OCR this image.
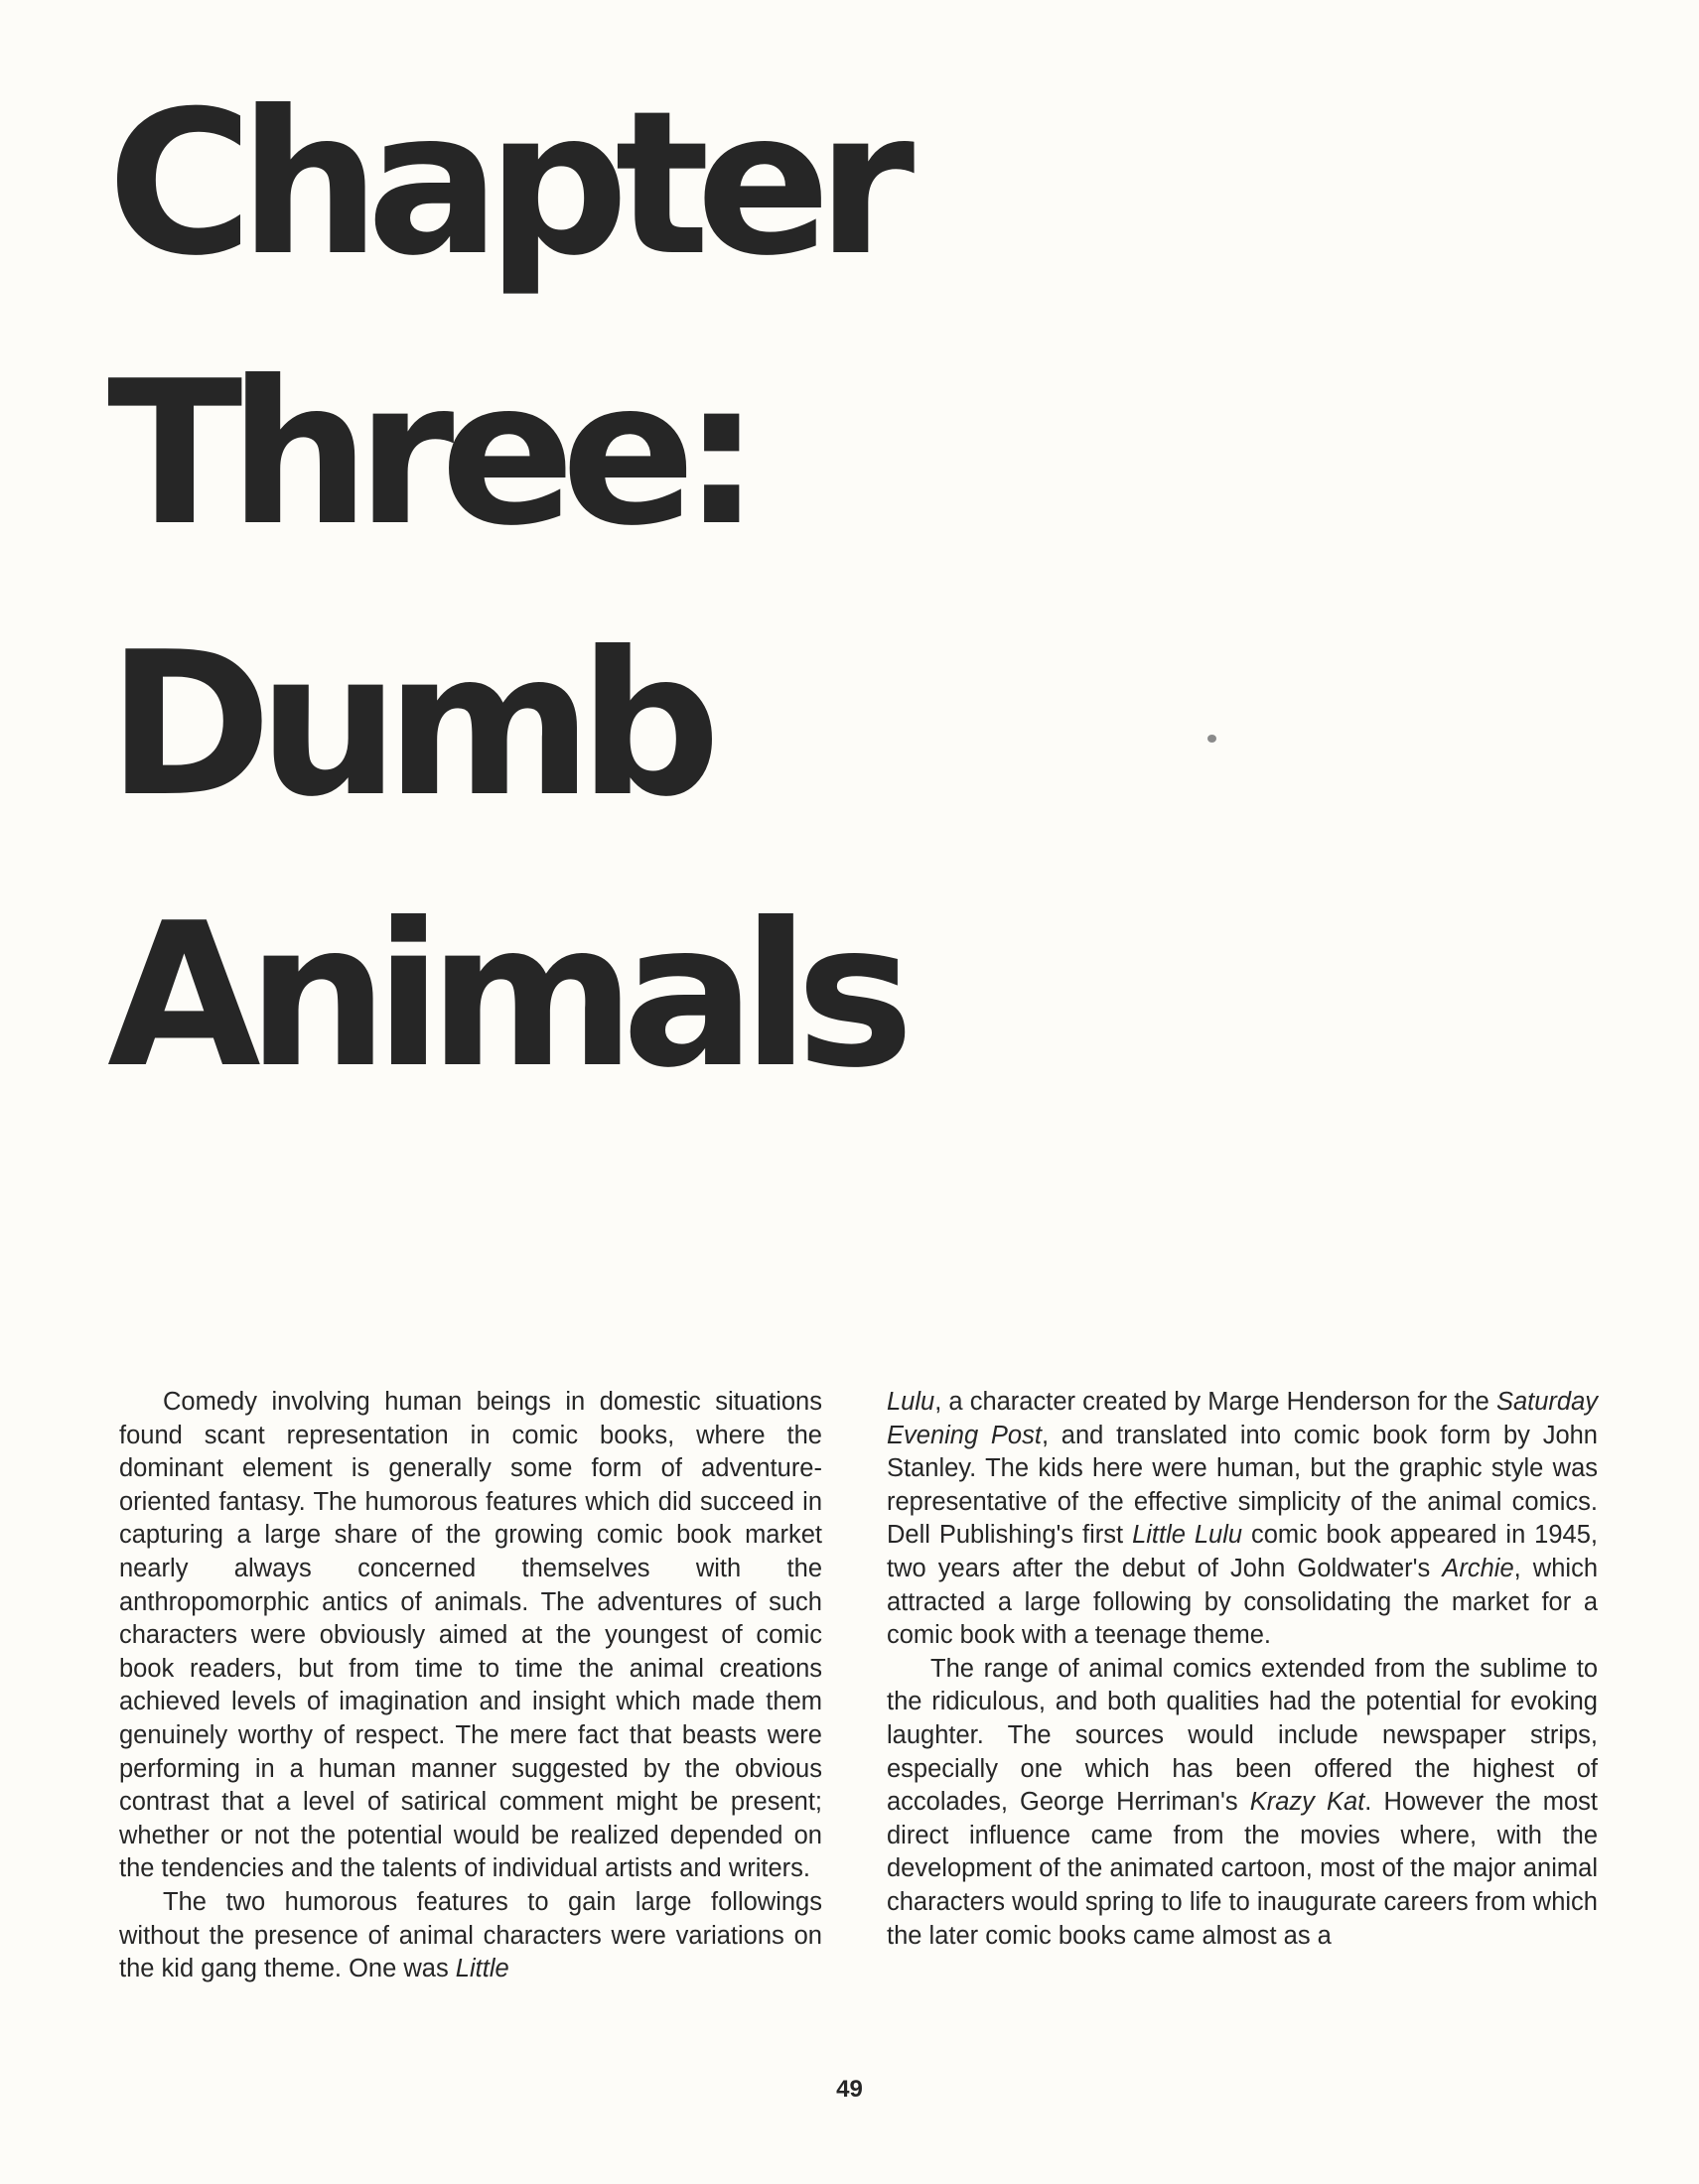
Chapter
Three:
Dumb
Animals

Comedy involving human beings in domestic situations found scant representation in comic books, where the dominant element is generally some form of adventure-oriented fantasy. The humorous features which did succeed in capturing a large share of the growing comic book market nearly always concerned themselves with the anthropomorphic antics of animals. The adventures of such characters were obviously aimed at the youngest of comic book readers, but from time to time the animal creations achieved levels of imagination and insight which made them genuinely worthy of respect. The mere fact that beasts were performing in a human manner suggested by the obvious contrast that a level of satirical comment might be present; whether or not the potential would be realized depended on the tendencies and the talents of individual artists and writers.

The two humorous features to gain large followings without the presence of animal characters were variations on the kid gang theme. One was Little

Lulu, a character created by Marge Henderson for the Saturday Evening Post, and translated into comic book form by John Stanley. The kids here were human, but the graphic style was representative of the effective simplicity of the animal comics. Dell Publishing's first Little Lulu comic book appeared in 1945, two years after the debut of John Goldwater's Archie, which attracted a large following by consolidating the market for a comic book with a teenage theme.

The range of animal comics extended from the sublime to the ridiculous, and both qualities had the potential for evoking laughter. The sources would include newspaper strips, especially one which has been offered the highest of accolades, George Herriman's Krazy Kat. However the most direct influence came from the movies where, with the development of the animated cartoon, most of the major animal characters would spring to life to inaugurate careers from which the later comic books came almost as a

49
